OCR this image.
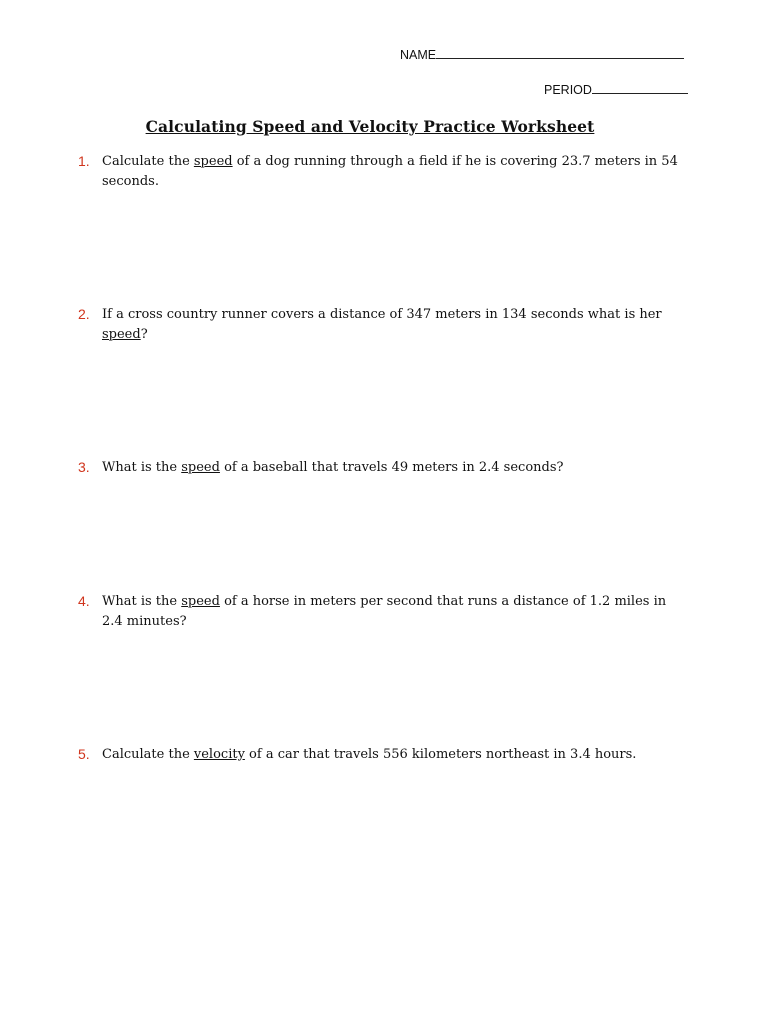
NAME
PERIOD
Calculating Speed and Velocity Practice Worksheet
1. Calculate the speed of a dog running through a field if he is covering 23.7 meters in 54 seconds.
2. If a cross country runner covers a distance of 347 meters in 134 seconds what is her speed?
3. What is the speed of a baseball that travels 49 meters in 2.4 seconds?
4. What is the speed of a horse in meters per second that runs a distance of 1.2 miles in 2.4 minutes?
5. Calculate the velocity of a car that travels 556 kilometers northeast in 3.4 hours.
